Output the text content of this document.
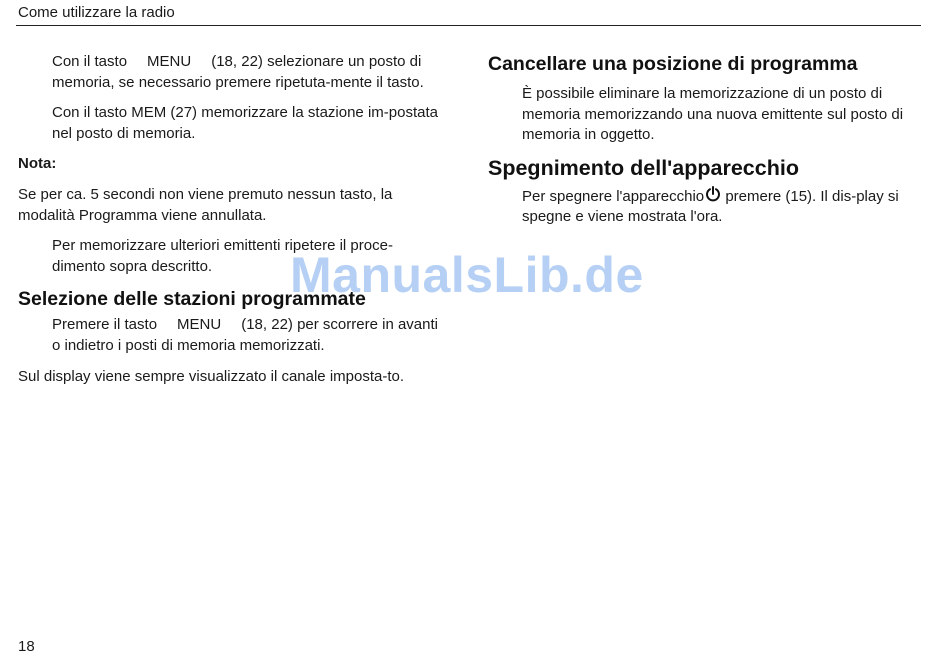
Come utilizzare la radio

Con il tasto MENU (18, 22) selezionare un posto di memoria, se necessario premere ripetuta-mente il tasto.

Con il tasto MEM (27) memorizzare la stazione im-postata nel posto di memoria.

Nota:

Se per ca. 5 secondi non viene premuto nessun tasto, la modalità Programma viene annullata.

Per memorizzare ulteriori emittenti ripetere il proce-dimento sopra descritto.

Selezione delle stazioni programmate

Premere il tasto MENU (18, 22) per scorrere in avanti o indietro i posti di memoria memorizzati.

Sul display viene sempre visualizzato il canale imposta-to.

Cancellare una posizione di programma

È possibile eliminare la memorizzazione di un posto di memoria memorizzando una nuova emittente sul posto di memoria in oggetto.

Spegnimento dell'apparecchio

Per spegnere l'apparecchio premere (15). Il dis-play si spegne e viene mostrata l'ora.

ManualsLib.de
18
